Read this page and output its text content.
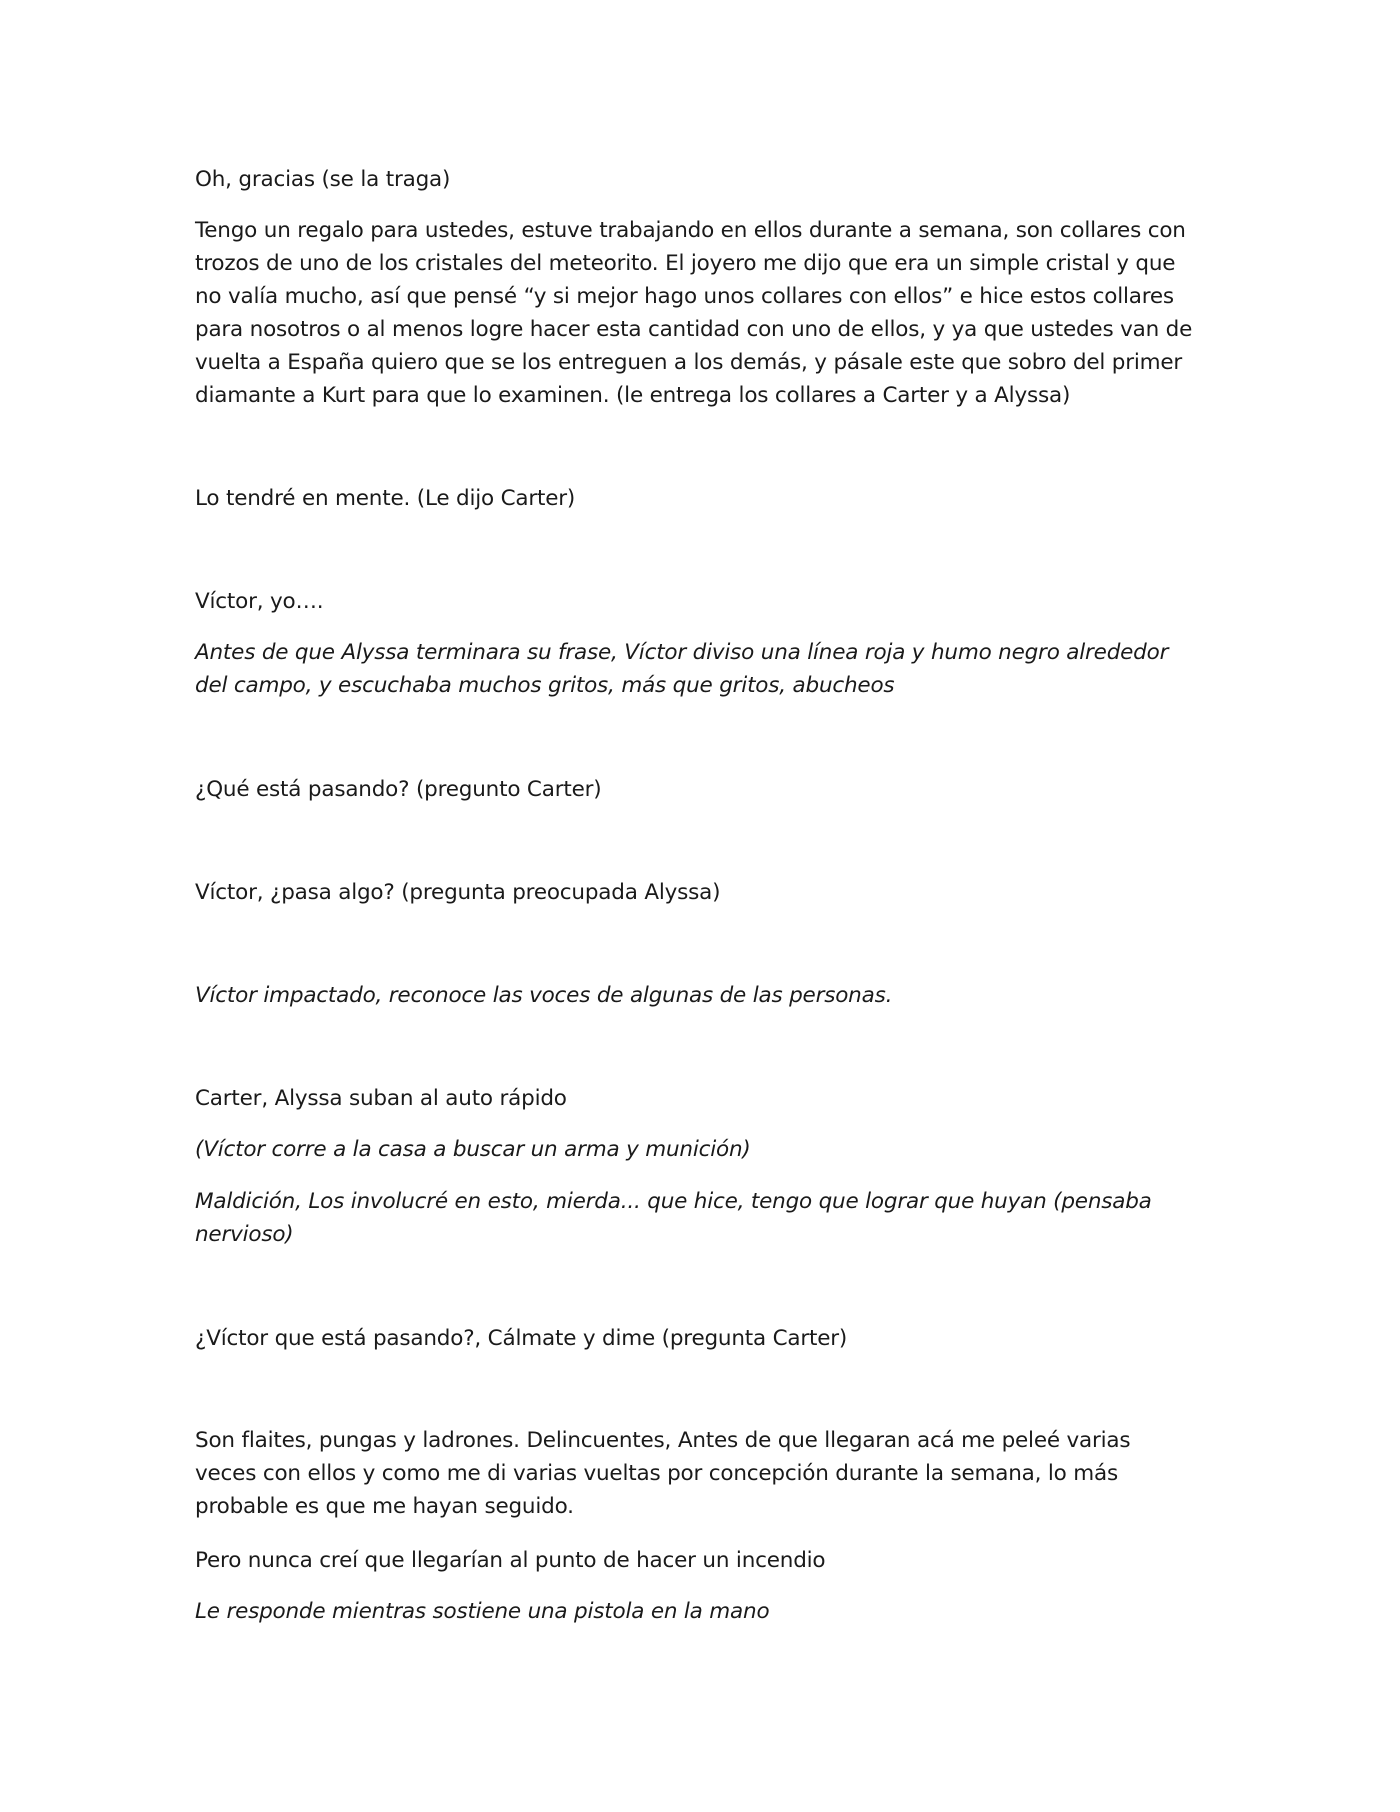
Oh, gracias (se la traga)

Tengo un regalo para ustedes, estuve trabajando en ellos durante a semana, son collares con trozos de uno de los cristales del meteorito. El joyero me dijo que era un simple cristal y que no valía mucho, así que pensé “y si mejor hago unos collares con ellos” e hice estos collares para nosotros o al menos logre hacer esta cantidad con uno de ellos, y ya que ustedes van de vuelta a España quiero que se los entreguen a los demás, y pásale este que sobro del primer diamante a Kurt para que lo examinen. (le entrega los collares a Carter y a Alyssa)

Lo tendré en mente. (Le dijo Carter)

Víctor, yo….

Antes de que Alyssa terminara su frase, Víctor diviso una línea roja y humo negro alrededor del campo, y escuchaba muchos gritos, más que gritos, abucheos

¿Qué está pasando? (pregunto Carter)

Víctor, ¿pasa algo? (pregunta preocupada Alyssa)

Víctor impactado, reconoce las voces de algunas de las personas.

Carter, Alyssa suban al auto rápido

(Víctor corre a la casa a buscar un arma y munición)

Maldición, Los involucré en esto, mierda... que hice, tengo que lograr que huyan (pensaba nervioso)

¿Víctor que está pasando?, Cálmate y dime (pregunta Carter)

Son flaites, pungas y ladrones. Delincuentes, Antes de que llegaran acá me peleé varias veces con ellos y como me di varias vueltas por concepción durante la semana, lo más probable es que me hayan seguido.

Pero nunca creí que llegarían al punto de hacer un incendio

Le responde mientras sostiene una pistola en la mano
